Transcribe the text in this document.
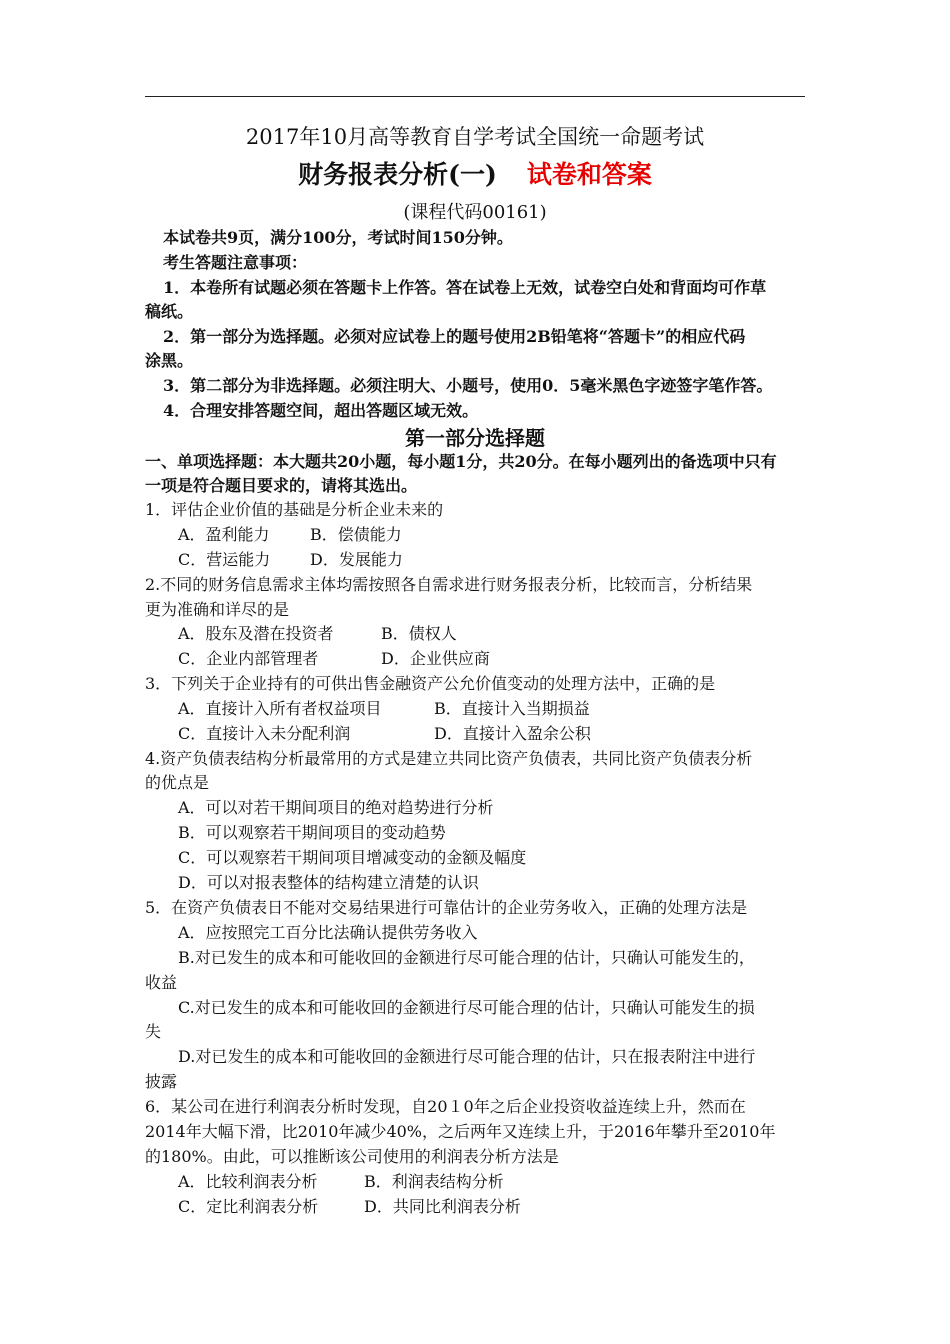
2017年10月高等教育自学考试全国统一命题考试
财务报表分析(一) 试卷和答案
(课程代码00161)
本试卷共9页，满分100分，考试时间150分钟。
考生答题注意事项：
1．本卷所有试题必须在答题卡上作答。答在试卷上无效，试卷空白处和背面均可作草
稿纸。
2．第一部分为选择题。必须对应试卷上的题号使用2B铅笔将“答题卡”的相应代码
涂黑。
3．第二部分为非选择题。必须注明大、小题号，使用0．5毫米黑色字迹签字笔作答。
4．合理安排答题空间，超出答题区域无效。
第一部分选择题
一、单项选择题：本大题共20小题，每小题1分，共20分。在每小题列出的备选项中只有
一项是符合题目要求的，请将其选出。
1．评估企业价值的基础是分析企业未来的
A．盈利能力	B．偿债能力
C．营运能力 D．发展能力
2.不同的财务信息需求主体均需按照各自需求进行财务报表分析，比较而言，分析结果
更为准确和详尽的是
A．股东及潜在投资者	B．债权人
C．企业内部管理者	D．企业供应商
3．下列关于企业持有的可供出售金融资产公允价值变动的处理方法中，正确的是
A．直接计入所有者权益项目	B．直接计入当期损益
C．直接计入未分配利润	D．直接计入盈余公积
4.资产负债表结构分析最常用的方式是建立共同比资产负债表，共同比资产负债表分析
的优点是
A．可以对若干期间项目的绝对趋势进行分析
B．可以观察若干期间项目的变动趋势
C．可以观察若干期间项目增减变动的金额及幅度
D．可以对报表整体的结构建立清楚的认识
5．在资产负债表日不能对交易结果进行可靠估计的企业劳务收入，正确的处理方法是
A．应按照完工百分比法确认提供劳务收入
B.对已发生的成本和可能收回的金额进行尽可能合理的估计，只确认可能发生的，
收益
C.对已发生的成本和可能收回的金额进行尽可能合理的估计，只确认可能发生的损
失
D.对已发生的成本和可能收回的金额进行尽可能合理的估计，只在报表附注中进行
披露
6．某公司在进行利润表分析时发现，自20１0年之后企业投资收益连续上升，然而在
2014年大幅下滑，比2010年减少40%，之后两年又连续上升，于2016年攀升至2010年
的180%。由此，可以推断该公司使用的利润表分析方法是
A．比较利润表分析	B．利润表结构分析
C．定比利润表分析	D．共同比利润表分析
